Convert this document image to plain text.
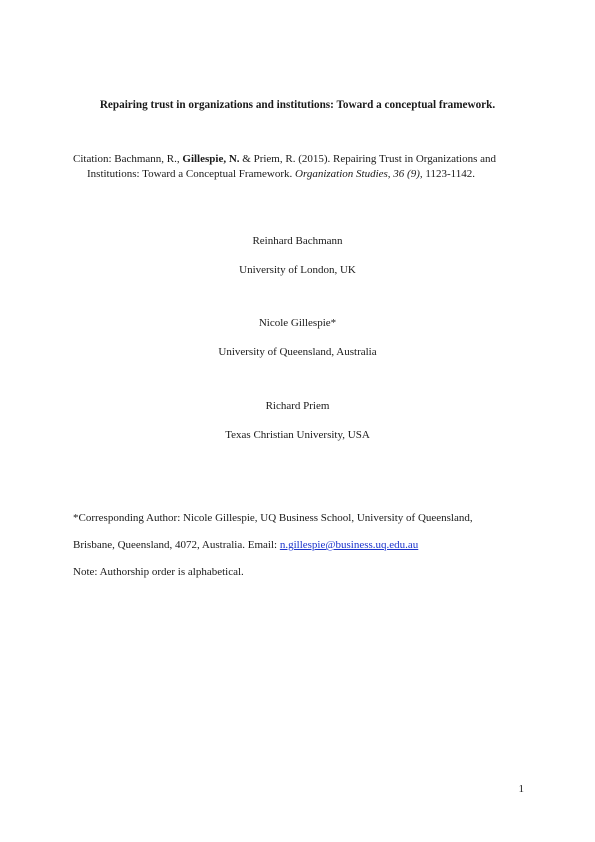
Repairing trust in organizations and institutions: Toward a conceptual framework.
Citation: Bachmann, R., Gillespie, N. & Priem, R. (2015). Repairing Trust in Organizations and Institutions: Toward a Conceptual Framework. Organization Studies, 36 (9), 1123-1142.
Reinhard Bachmann
University of London, UK
Nicole Gillespie*
University of Queensland, Australia
Richard Priem
Texas Christian University, USA
*Corresponding Author: Nicole Gillespie, UQ Business School, University of Queensland,
Brisbane, Queensland, 4072, Australia. Email: n.gillespie@business.uq.edu.au
Note: Authorship order is alphabetical.
1
